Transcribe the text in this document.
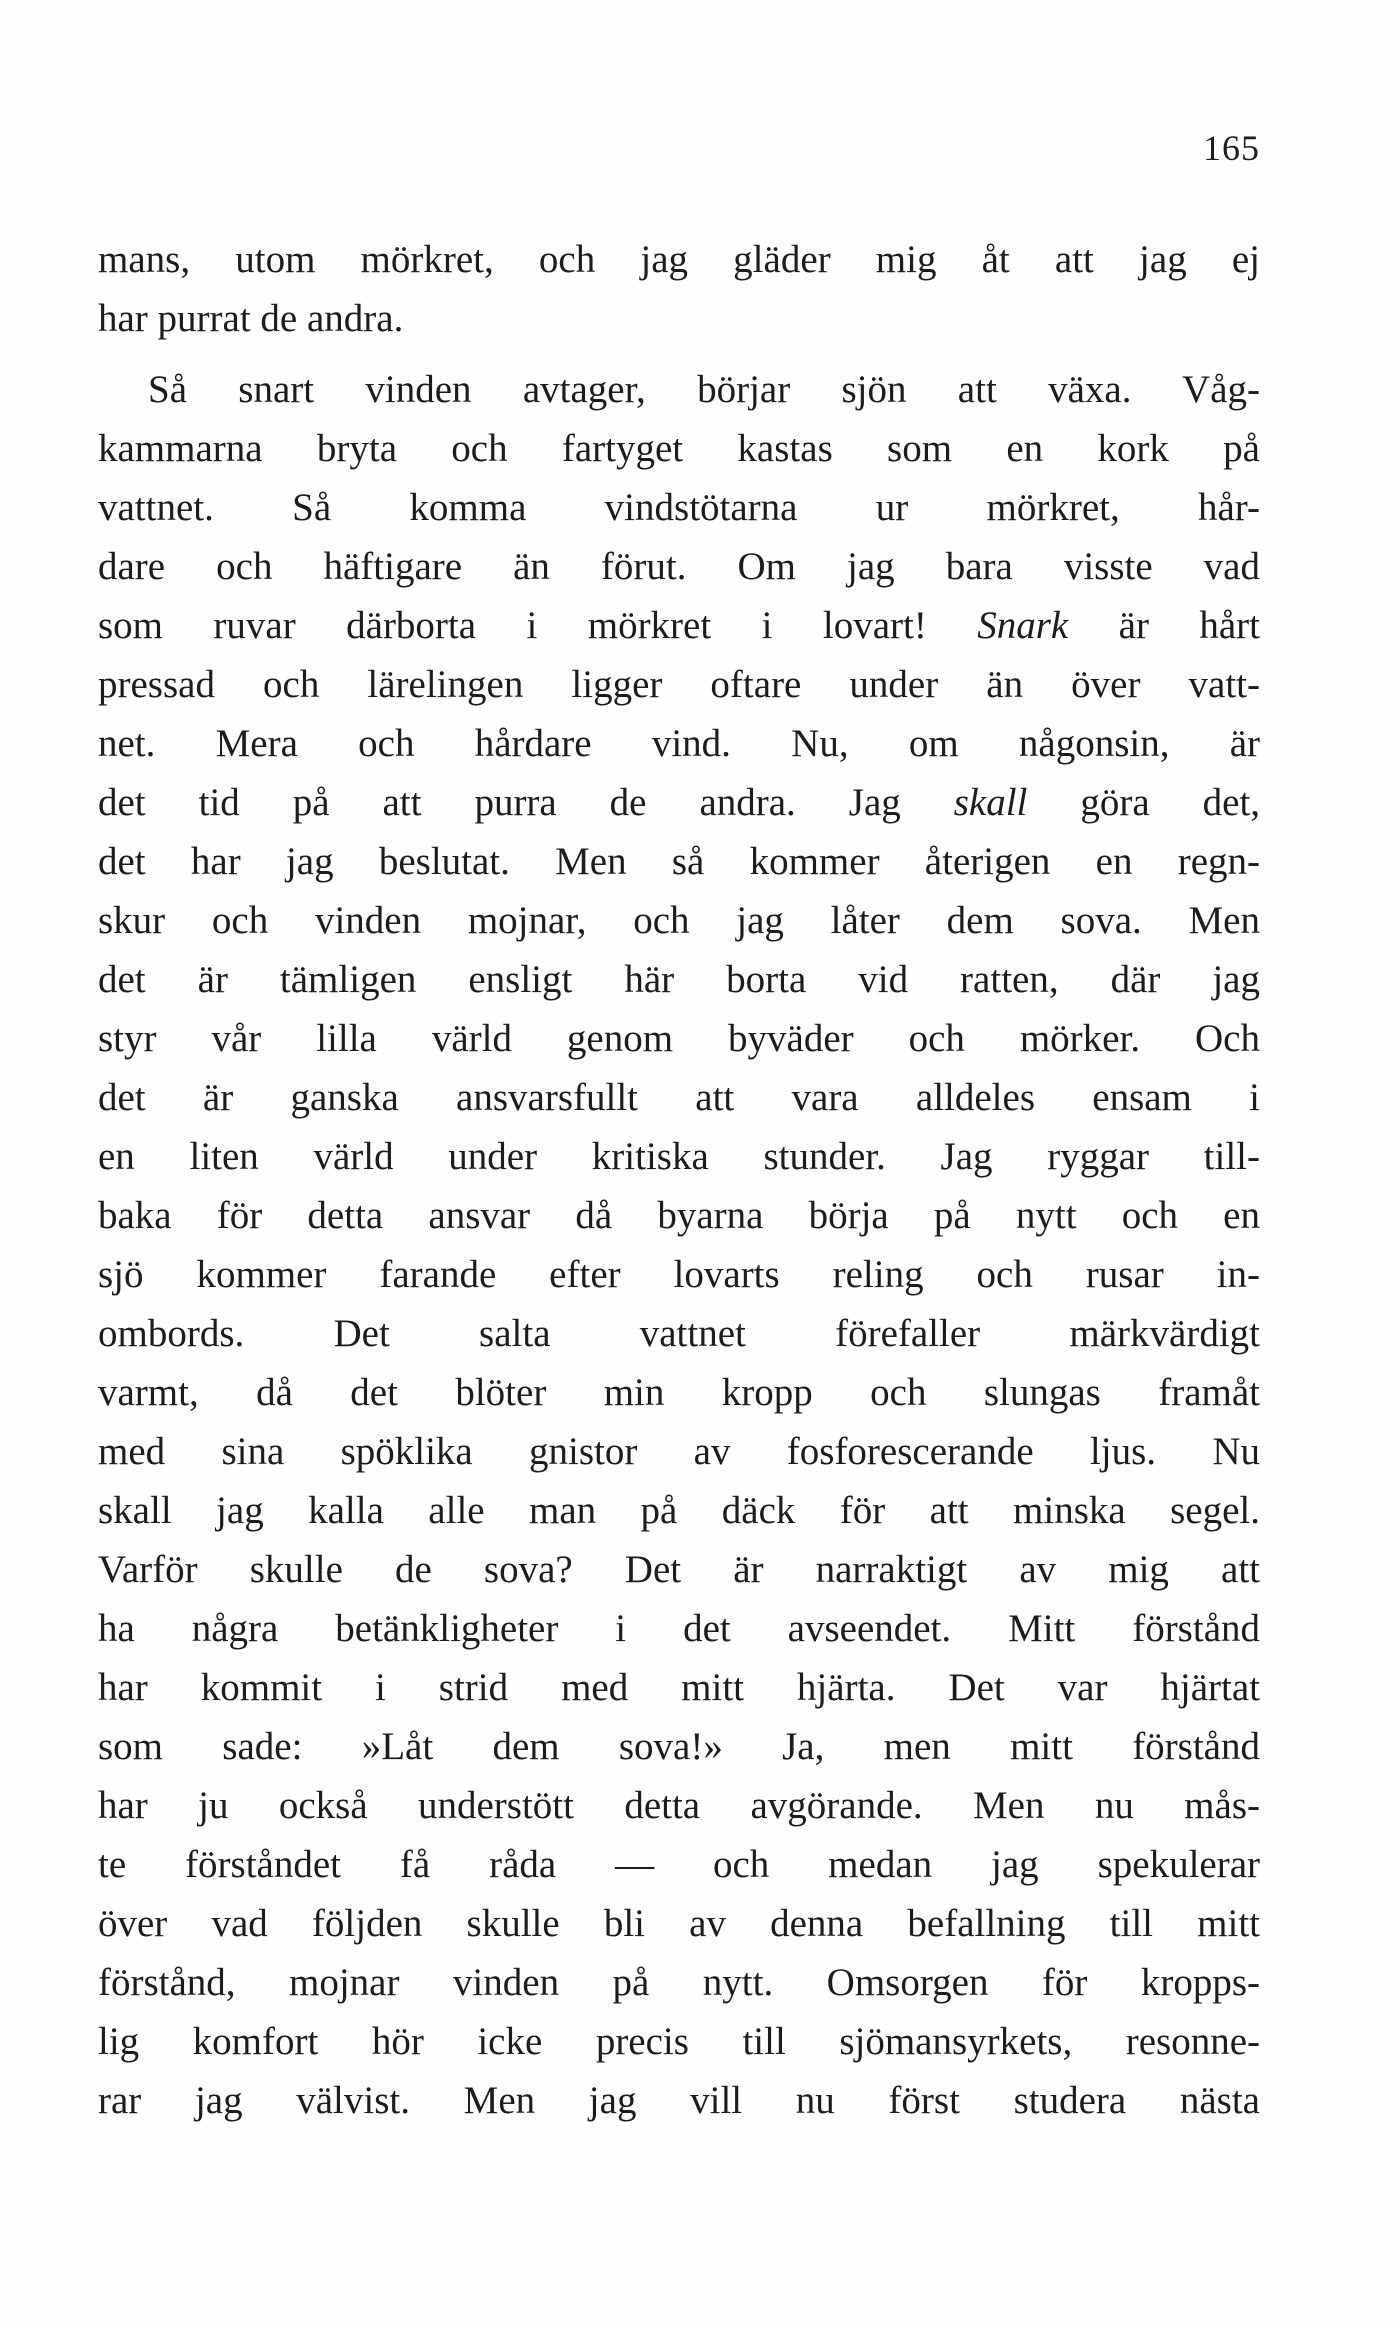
165
mans, utom mörkret, och jag gläder mig åt att jag ej
har purrat de andra.
Så snart vinden avtager, börjar sjön att växa. Våg-
kammarna bryta och fartyget kastas som en kork på
vattnet. Så komma vindstötarna ur mörkret, hår-
dare och häftigare än förut. Om jag bara visste vad
som ruvar därborta i mörkret i lovart! Snark är hårt
pressad och lärelingen ligger oftare under än över vatt-
net. Mera och hårdare vind. Nu, om någonsin, är
det tid på att purra de andra. Jag skall göra det,
det har jag beslutat. Men så kommer återigen en regn-
skur och vinden mojnar, och jag låter dem sova. Men
det är tämligen ensligt här borta vid ratten, där jag
styr vår lilla värld genom byväder och mörker. Och
det är ganska ansvarsfullt att vara alldeles ensam i
en liten värld under kritiska stunder. Jag ryggar till-
baka för detta ansvar då byarna börja på nytt och en
sjö kommer farande efter lovarts reling och rusar in-
ombords. Det salta vattnet förefaller märkvärdigt
varmt, då det blöter min kropp och slungas framåt
med sina spöklika gnistor av fosforescerande ljus. Nu
skall jag kalla alle man på däck för att minska segel.
Varför skulle de sova? Det är narraktigt av mig att
ha några betänkligheter i det avseendet. Mitt förstånd
har kommit i strid med mitt hjärta. Det var hjärtat
som sade: »Låt dem sova!» Ja, men mitt förstånd
har ju också understött detta avgörande. Men nu mås-
te förståndet få råda — och medan jag spekulerar
över vad följden skulle bli av denna befallning till mitt
förstånd, mojnar vinden på nytt. Omsorgen för kropps-
lig komfort hör icke precis till sjömansyrkets, resonne-
rar jag välvist. Men jag vill nu först studera nästa
